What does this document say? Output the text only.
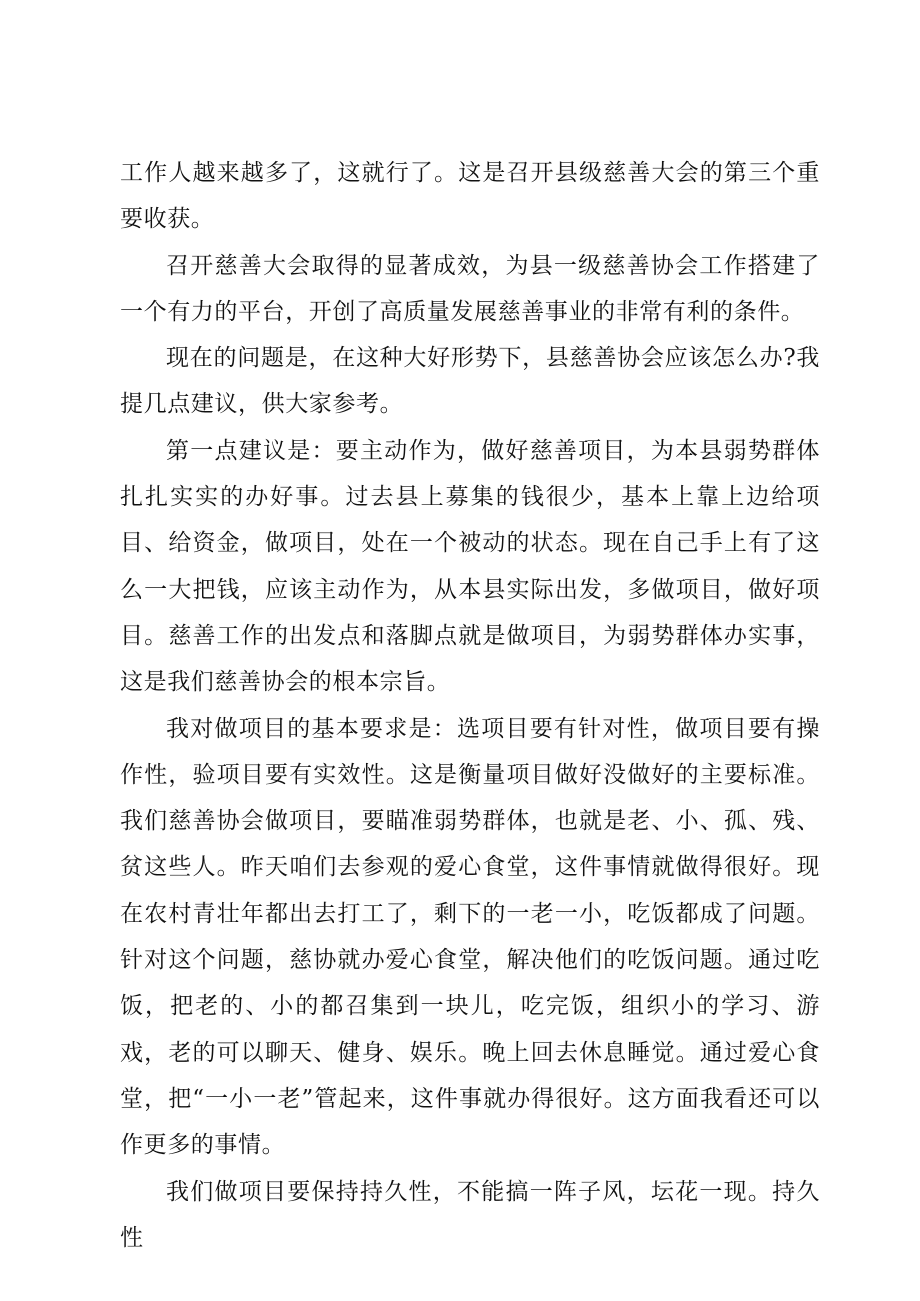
工作人越来越多了，这就行了。这是召开县级慈善大会的第三个重要收获。

召开慈善大会取得的显著成效，为县一级慈善协会工作搭建了一个有力的平台，开创了高质量发展慈善事业的非常有利的条件。

现在的问题是，在这种大好形势下，县慈善协会应该怎么办?我提几点建议，供大家参考。

第一点建议是：要主动作为，做好慈善项目，为本县弱势群体扎扎实实的办好事。过去县上募集的钱很少，基本上靠上边给项目、给资金，做项目，处在一个被动的状态。现在自己手上有了这么一大把钱，应该主动作为，从本县实际出发，多做项目，做好项目。慈善工作的出发点和落脚点就是做项目，为弱势群体办实事，这是我们慈善协会的根本宗旨。

我对做项目的基本要求是：选项目要有针对性，做项目要有操作性，验项目要有实效性。这是衡量项目做好没做好的主要标准。我们慈善协会做项目，要瞄准弱势群体，也就是老、小、孤、残、贫这些人。昨天咱们去参观的爱心食堂，这件事情就做得很好。现在农村青壮年都出去打工了，剩下的一老一小，吃饭都成了问题。针对这个问题，慈协就办爱心食堂，解决他们的吃饭问题。通过吃饭，把老的、小的都召集到一块儿，吃完饭，组织小的学习、游戏，老的可以聊天、健身、娱乐。晚上回去休息睡觉。通过爱心食堂，把“一小一老”管起来，这件事就办得很好。这方面我看还可以作更多的事情。

我们做项目要保持持久性，不能搞一阵子风，坛花一现。持久性
